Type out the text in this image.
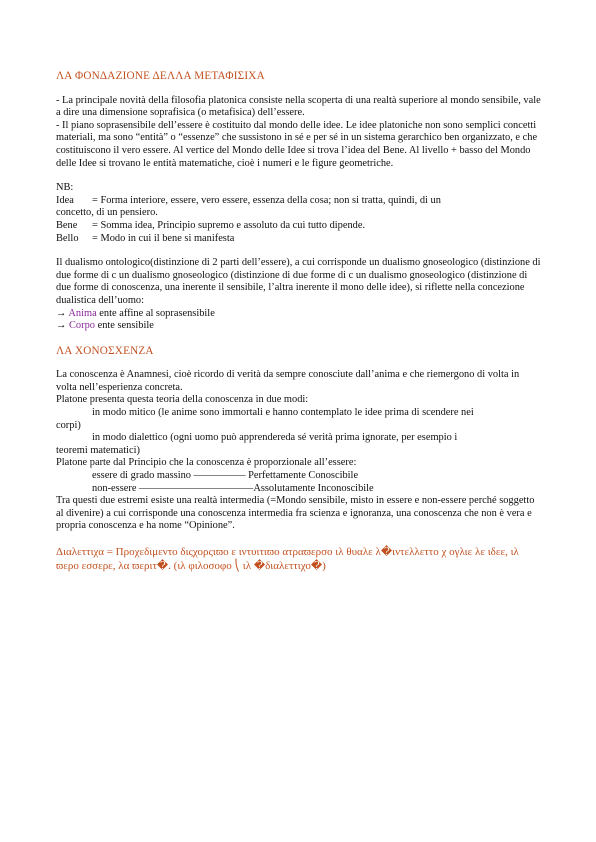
ΛΑ ΦΟΝΔΑΖΙΟΝΕ ΔΕΛΛΑ ΜΕΤΑΦΙΣΙΧΑ

- La principale novità della filosofia platonica consiste nella scoperta di una realtà superiore al mondo sensibile, vale a dire una dimensione soprafisica (o metafisica) dell’essere.

- Il piano soprasensibile dell’essere è costituito dal mondo delle idee. Le idee platoniche non sono semplici concetti materiali, ma sono “entità” o “essenze” che sussistono in sé e per sé in un sistema gerarchico ben organizzato, e che costituiscono il vero essere. Al vertice del Mondo delle Idee si trova l’idea del Bene. Al livello + basso del Mondo delle Idee si trovano le entità matematiche, cioè i numeri e le figure geometriche.

NB:

Idea	= Forma interiore, essere, vero essere, essenza della cosa; non si tratta, quindi, di un

concetto, di un pensiero.

Bene	= Somma idea, Principio supremo e assoluto da cui tutto dipende.
Bello	= Modo in cui il bene si manifesta

Il dualismo ontologico(distinzione di 2 parti dell’essere), a cui corrisponde un dualismo gnoseologico (distinzione di due forme di c un dualismo gnoseologico (distinzione di due forme di c un dualismo gnoseologico (distinzione di due forme di conoscenza, una inerente il sensibile, l’altra inerente il mono delle idee), si riflette nella concezione dualistica dell’uomo:

→ Anima ente affine al soprasensibile

→ Corpo ente sensibile

ΛΑ ΧΟΝΟΣΧΕΝΖΑ

La conoscenza è Anamnesi, cioè ricordo di verità da sempre conosciute dall’anima e che riemergono di volta in volta nell’esperienza concreta.

Platone presenta questa teoria della conoscenza in due modi:

in modo mitico (le anime sono immortali e hanno contemplato le idee prima di scendere nei

corpi)

in modo dialettico (ogni uomo può apprendereda sé verità prima ignorate, per esempio i

teoremi matematici)

Platone parte dal Principio che la conoscenza è proporzionale all’essere:

essere di grado massino ————— Perfettamente Conoscibile

non-essere ———————————Assolutamente Inconoscibile

Tra questi due estremi esiste una realtà intermedia (=Mondo sensibile, misto in essere e non-essere perché soggetto al divenire) a cui corrisponde una conoscenza intermedia fra scienza e ignoranza, una conoscenza che non è vera e propria conoscenza e ha nome “Opinione”.

Διαλεττιχα = Προχεδιμεντο διςχορςιϖο ε ιντυιτιϖο ατραϖερσο ιλ θυαλε λ�ιντελλεττο χ ογλιε λε ιδεε, ιλ ϖερο εσσερε, λα ϖεριτ�. (ιλ φιλοσοφο ⎝ ιλ �διαλεττιχο�)
